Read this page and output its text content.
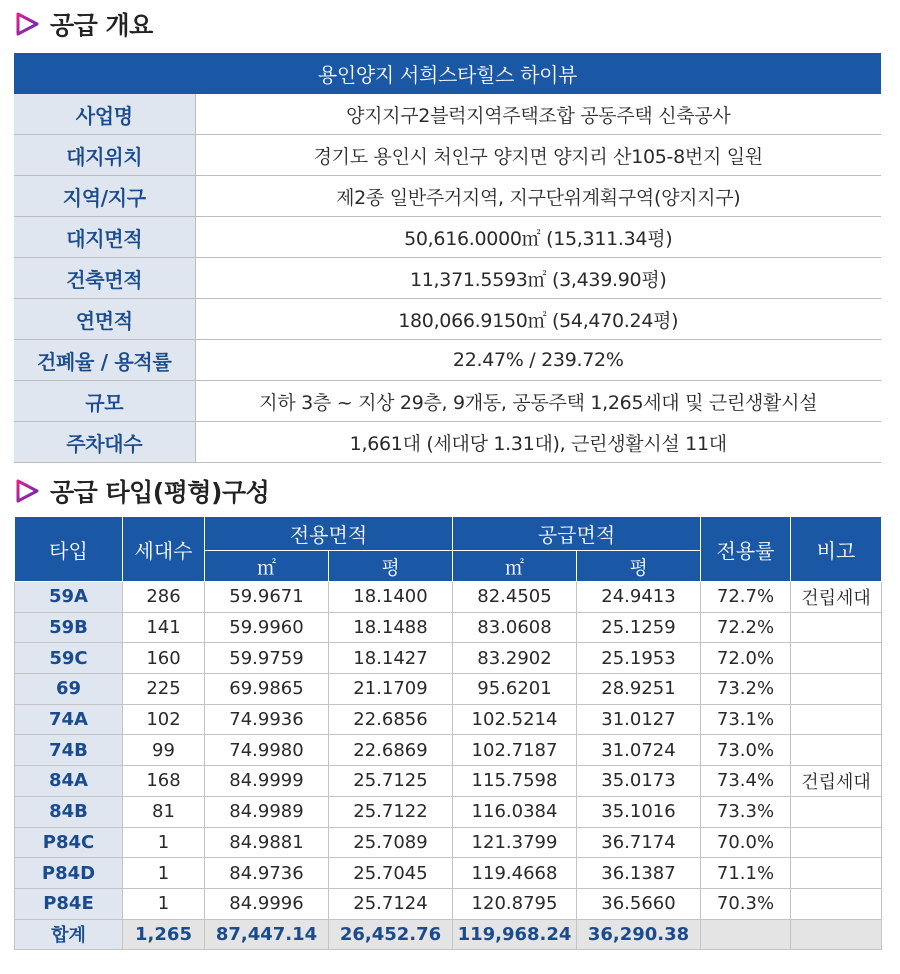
공급 개요
용인양지 서희스타힐스 하이뷰	
사업명	양지지구2블럭지역주택조합 공동주택 신축공사
대지위치	경기도 용인시 처인구 양지면 양지리 산105-8번지 일원
지역/지구	제2종 일반주거지역, 지구단위계획구역(양지지구)
대지면적	50,616.0000㎡ (15,311.34평)
건축면적	11,371.5593㎡ (3,439.90평)
연면적	180,066.9150㎡ (54,470.24평)
건폐율 / 용적률	22.47% / 239.72%
규모	지하 3층 ~ 지상 29층, 9개동, 공동주택 1,265세대 및 근린생활시설
주차대수	1,661대 (세대당 1.31대), 근린생활시설 11대
공급 타입(평형)구성
타입	세대수	전용면적		공급면적		전용률	비고
		㎡	평	㎡	평		
59A	286	59.9671	18.1400	82.4505	24.9413	72.7%	건립세대
59B	141	59.9960	18.1488	83.0608	25.1259	72.2%	
59C	160	59.9759	18.1427	83.2902	25.1953	72.0%	
69	225	69.9865	21.1709	95.6201	28.9251	73.2%	
74A	102	74.9936	22.6856	102.5214	31.0127	73.1%	
74B	99	74.9980	22.6869	102.7187	31.0724	73.0%	
84A	168	84.9999	25.7125	115.7598	35.0173	73.4%	건립세대
84B	81	84.9989	25.7122	116.0384	35.1016	73.3%	
P84C	1	84.9881	25.7089	121.3799	36.7174	70.0%	
P84D	1	84.9736	25.7045	119.4668	36.1387	71.1%	
P84E	1	84.9996	25.7124	120.8795	36.5660	70.3%	
합계	1,265	87,447.14	26,452.76	119,968.24	36,290.38		
